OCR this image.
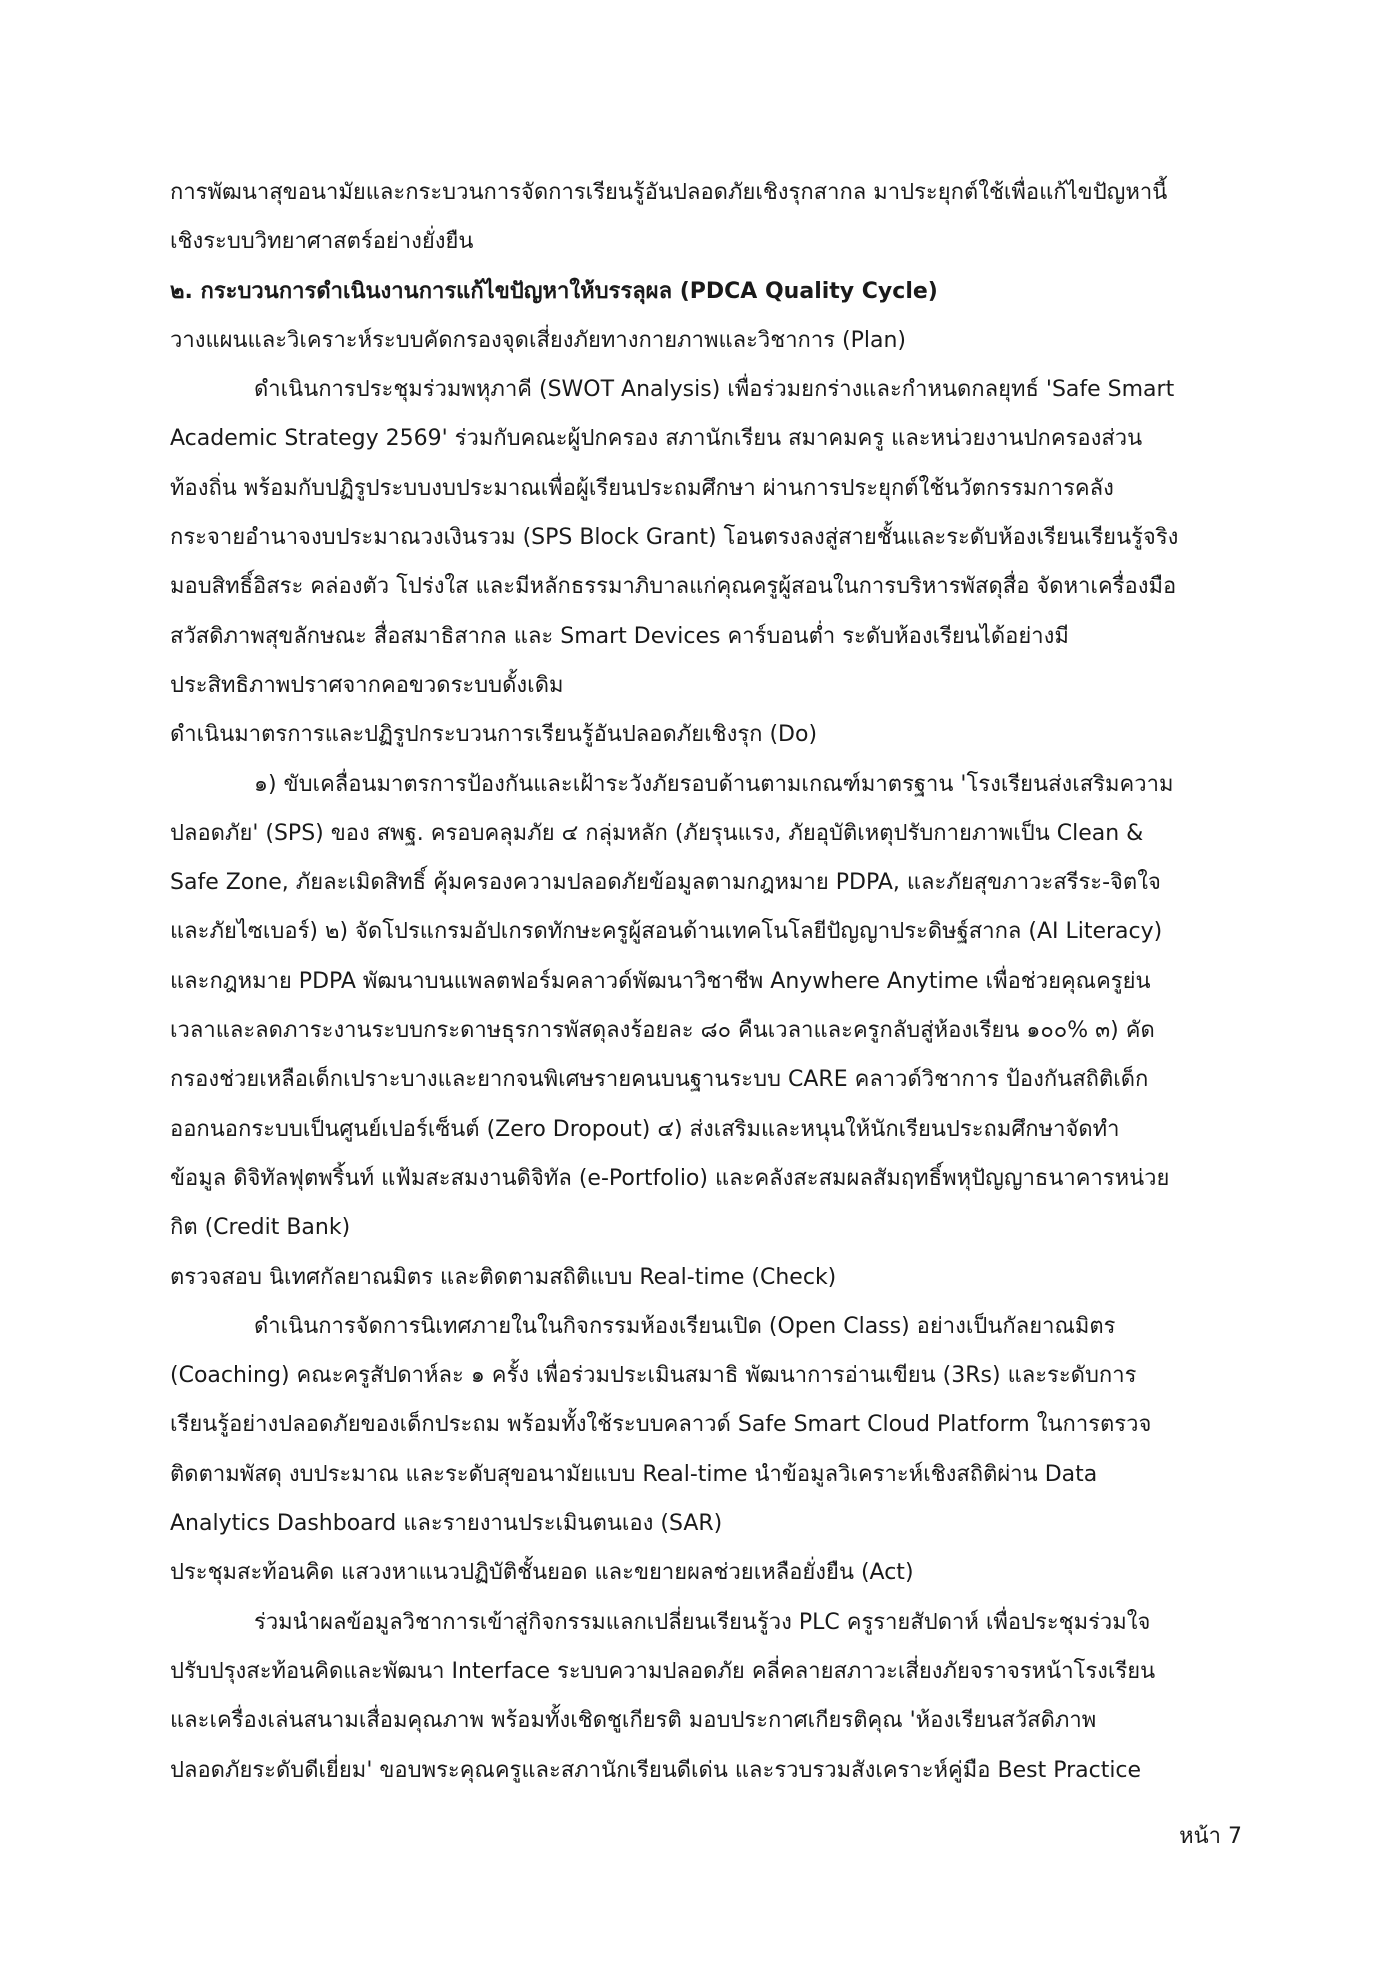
การพัฒนาสุขอนามัยและกระบวนการจัดการเรียนรู้อันปลอดภัยเชิงรุกสากล มาประยุกต์ใช้เพื่อแก้ไขปัญหานี้
เชิงระบบวิทยาศาสตร์อย่างยั่งยืน
๒. กระบวนการดำเนินงานการแก้ไขปัญหาให้บรรลุผล (PDCA Quality Cycle)
วางแผนและวิเคราะห์ระบบคัดกรองจุดเสี่ยงภัยทางกายภาพและวิชาการ (Plan)
ดำเนินการประชุมร่วมพหุภาคี (SWOT Analysis) เพื่อร่วมยกร่างและกำหนดกลยุทธ์ 'Safe Smart
Academic Strategy 2569' ร่วมกับคณะผู้ปกครอง สภานักเรียน สมาคมครู และหน่วยงานปกครองส่วน
ท้องถิ่น พร้อมกับปฏิรูประบบงบประมาณเพื่อผู้เรียนประถมศึกษา ผ่านการประยุกต์ใช้นวัตกรรมการคลัง
กระจายอำนาจงบประมาณวงเงินรวม (SPS Block Grant) โอนตรงลงสู่สายชั้นและระดับห้องเรียนเรียนรู้จริง
มอบสิทธิ์อิสระ คล่องตัว โปร่งใส และมีหลักธรรมาภิบาลแก่คุณครูผู้สอนในการบริหารพัสดุสื่อ จัดหาเครื่องมือ
สวัสดิภาพสุขลักษณะ สื่อสมาธิสากล และ Smart Devices คาร์บอนต่ำ ระดับห้องเรียนได้อย่างมี
ประสิทธิภาพปราศจากคอขวดระบบดั้งเดิม
ดำเนินมาตรการและปฏิรูปกระบวนการเรียนรู้อันปลอดภัยเชิงรุก (Do)
๑) ขับเคลื่อนมาตรการป้องกันและเฝ้าระวังภัยรอบด้านตามเกณฑ์มาตรฐาน 'โรงเรียนส่งเสริมความ
ปลอดภัย' (SPS) ของ สพฐ. ครอบคลุมภัย ๔ กลุ่มหลัก (ภัยรุนแรง, ภัยอุบัติเหตุปรับกายภาพเป็น Clean &
Safe Zone, ภัยละเมิดสิทธิ์ คุ้มครองความปลอดภัยข้อมูลตามกฎหมาย PDPA, และภัยสุขภาวะสรีระ-จิตใจ
และภัยไซเบอร์) ๒) จัดโปรแกรมอัปเกรดทักษะครูผู้สอนด้านเทคโนโลยีปัญญาประดิษฐ์สากล (AI Literacy)
และกฎหมาย PDPA พัฒนาบนแพลตฟอร์มคลาวด์พัฒนาวิชาชีพ Anywhere Anytime เพื่อช่วยคุณครูย่น
เวลาและลดภาระงานระบบกระดาษธุรการพัสดุลงร้อยละ ๘๐ คืนเวลาและครูกลับสู่ห้องเรียน ๑๐๐% ๓) คัด
กรองช่วยเหลือเด็กเปราะบางและยากจนพิเศษรายคนบนฐานระบบ CARE คลาวด์วิชาการ ป้องกันสถิติเด็ก
ออกนอกระบบเป็นศูนย์เปอร์เซ็นต์ (Zero Dropout) ๔) ส่งเสริมและหนุนให้นักเรียนประถมศึกษาจัดทำ
ข้อมูล ดิจิทัลฟุตพริ้นท์ แฟ้มสะสมงานดิจิทัล (e-Portfolio) และคลังสะสมผลสัมฤทธิ์พหุปัญญาธนาคารหน่วย
กิต (Credit Bank)
ตรวจสอบ นิเทศกัลยาณมิตร และติดตามสถิติแบบ Real-time (Check)
ดำเนินการจัดการนิเทศภายในในกิจกรรมห้องเรียนเปิด (Open Class) อย่างเป็นกัลยาณมิตร
(Coaching) คณะครูสัปดาห์ละ ๑ ครั้ง เพื่อร่วมประเมินสมาธิ พัฒนาการอ่านเขียน (3Rs) และระดับการ
เรียนรู้อย่างปลอดภัยของเด็กประถม พร้อมทั้งใช้ระบบคลาวด์ Safe Smart Cloud Platform ในการตรวจ
ติดตามพัสดุ งบประมาณ และระดับสุขอนามัยแบบ Real-time นำข้อมูลวิเคราะห์เชิงสถิติผ่าน Data
Analytics Dashboard และรายงานประเมินตนเอง (SAR)
ประชุมสะท้อนคิด แสวงหาแนวปฏิบัติชั้นยอด และขยายผลช่วยเหลือยั่งยืน (Act)
ร่วมนำผลข้อมูลวิชาการเข้าสู่กิจกรรมแลกเปลี่ยนเรียนรู้วง PLC ครูรายสัปดาห์ เพื่อประชุมร่วมใจ
ปรับปรุงสะท้อนคิดและพัฒนา Interface ระบบความปลอดภัย คลี่คลายสภาวะเสี่ยงภัยจราจรหน้าโรงเรียน
และเครื่องเล่นสนามเสื่อมคุณภาพ พร้อมทั้งเชิดชูเกียรติ มอบประกาศเกียรติคุณ 'ห้องเรียนสวัสดิภาพ
ปลอดภัยระดับดีเยี่ยม' ขอบพระคุณครูและสภานักเรียนดีเด่น และรวบรวมสังเคราะห์คู่มือ Best Practice
หน้า 7
